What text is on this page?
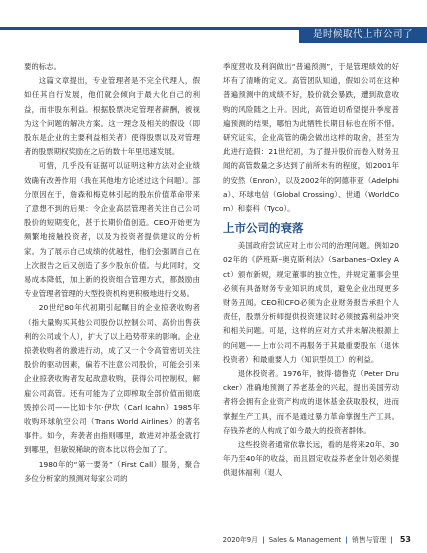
是时候取代上市公司了

要的标志。

这篇文章提出，专业管理者是不完全代理人，假如任其自行发展，他们就会倾向于最大化自己的利益，而非股东利益。根据股票决定管理者薪酬，被视为这个问题的解决方案。这一理念及相关的假设（即股东是企业的主要利益相关者）使得股票以及对管理者的股票期权奖励在之后的数十年里迅速发展。

可惜，几乎没有证据可以证明这种方法对企业绩效确有改善作用（我在其他地方论述过这个问题）。部分原因在于，詹森和梅克林引起的股东价值革命带来了意想不到的后果：令企业高层管理者关注自己公司股价的短期变化，甚于长期价值创造。CEO开始更为频繁地接触投资者，以及为投资者提供建议的分析家。为了展示自己成绩的优越性，他们会强调自己在上次报告之后又创造了多少股东价值。与此同时，交易成本降低，加上新的投资组合管理方式，都鼓励由专业管理者管理的大型投资机构更积极地进行交易。

20世纪80年代初期引起瞩目的企业掠袭收购者（指大量购买其他公司股份以控制公司、高价出售获利的公司或个人），扩大了以上趋势带来的影响。企业掠袭收购者的激进行动，成了又一个令高管密切关注股价的驱动因素，偏若不注意公司股价，可能会引来企业掠袭收购者发起敌意收购，获得公司控制权，解雇公司高管。还有可能为了立即榨取全部价值而彻底毁掉公司——比如卡尔·伊坎（Carl Icahn）1985年收购环球航空公司（Trans World Airlines）的著名事件。如今，奔袭者由指则哪里，敢进对冲基金就打到哪里，但敏锐稀缺的资本比以将会加了了。

1980年的“第一要务”（First Call）服务，聚合多位分析家的预测对每家公司的

季度营收及利润做出“普遍预测”，于是管理绩效的好坏有了清晰的定义。高管团队知道，假如公司在这种普遍预测中的成绩不好，股价就会暴跌，遭到敌意收购的风险随之上升。因此，高管迫切希望提升季度普遍预测的结果，哪怕为此牺牲长期目标也在所不惜。研究证实，企业高管的确会做出这样的取舍，甚至为此进行造假：21世纪初，为了提升股价而卷入财务丑闻的高管数量之多达到了前所未有的程度，如2001年的安然（Enron），以及2002年的阿德菲亚（Adelphia）、环球电信（Global Crossing）、世通（WorldCom）和泰科（Tyco）。

上市公司的衰落

美国政府尝试应对上市公司的治理问题。例如2002年的《萨班斯–奥克斯利法》（Sarbanes–Oxley Act）颁布新规，规定董事的独立性，并规定董事会里必须有具备财务专业知识的成员，避免企业出现更多财务丑闻。CEO和CFO必须为企业财务报告承担个人责任，股票分析师提供投资建议时必须披露利益冲突和相关问题。可是，这样的应对方式并未解决根源上的问题——上市公司不再服务于其最重要股东（退休投资者）和最重要人力（知识型员工）的利益。

退休投资者。1976年，彼得·德鲁克（Peter Drucker）准确地预测了养老基金的兴起，提出美国劳动者将会拥有企业资产构成的退休基金获取股权，进而掌握生产工具，而不是通过暴力革命掌握生产工具。存钱养老的人构成了如今最大的投资者群体。

这些投资者通常依靠长远，看的是将来20年、30年乃至40年的收益，而且固定收益养老金计划必须提供退休福利（退人

2020年9月 | Sales & Management | 销售与管理 | 53
